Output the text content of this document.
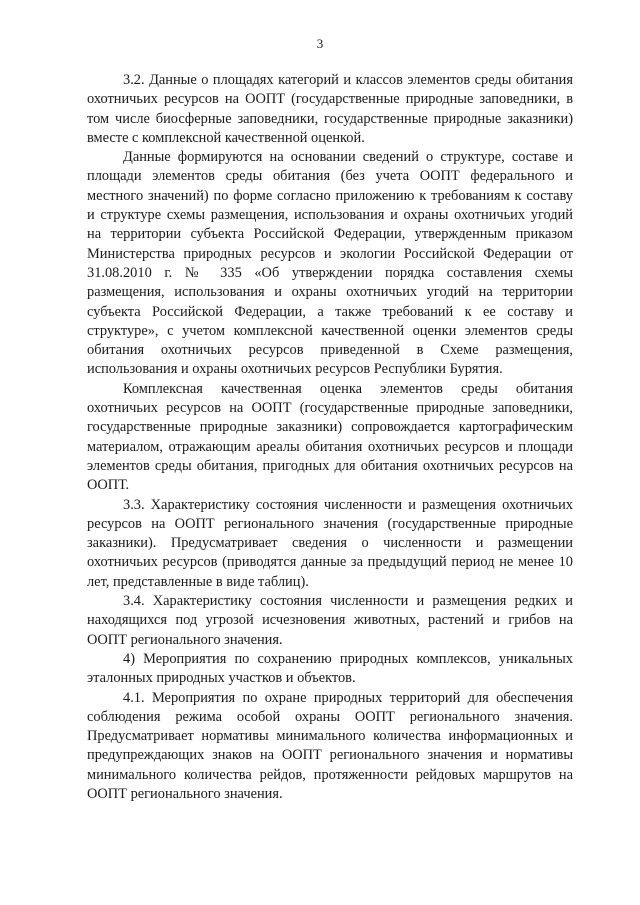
3

3.2. Данные о площадях категорий и классов элементов среды обитания охотничьих ресурсов на ООПТ (государственные природные заповедники, в том числе биосферные заповедники, государственные природные заказники) вместе с комплексной качественной оценкой.

Данные формируются на основании сведений о структуре, составе и площади элементов среды обитания (без учета ООПТ федерального и местного значений) по форме согласно приложению к требованиям к составу и структуре схемы размещения, использования и охраны охотничьих угодий на территории субъекта Российской Федерации, утвержденным приказом Министерства природных ресурсов и экологии Российской Федерации от 31.08.2010 г. № 335 «Об утверждении порядка составления схемы размещения, использования и охраны охотничьих угодий на территории субъекта Российской Федерации, а также требований к ее составу и структуре», с учетом комплексной качественной оценки элементов среды обитания охотничьих ресурсов приведенной в Схеме размещения, использования и охраны охотничьих ресурсов Республики Бурятия.

Комплексная качественная оценка элементов среды обитания охотничьих ресурсов на ООПТ (государственные природные заповедники, государственные природные заказники) сопровождается картографическим материалом, отражающим ареалы обитания охотничьих ресурсов и площади элементов среды обитания, пригодных для обитания охотничьих ресурсов на ООПТ.

3.3. Характеристику состояния численности и размещения охотничьих ресурсов на ООПТ регионального значения (государственные природные заказники). Предусматривает сведения о численности и размещении охотничьих ресурсов (приводятся данные за предыдущий период не менее 10 лет, представленные в виде таблиц).

3.4. Характеристику состояния численности и размещения редких и находящихся под угрозой исчезновения животных, растений и грибов на ООПТ регионального значения.

4) Мероприятия по сохранению природных комплексов, уникальных эталонных природных участков и объектов.

4.1. Мероприятия по охране природных территорий для обеспечения соблюдения режима особой охраны ООПТ регионального значения. Предусматривает нормативы минимального количества информационных и предупреждающих знаков на ООПТ регионального значения и нормативы минимального количества рейдов, протяженности рейдовых маршрутов на ООПТ регионального значения.
